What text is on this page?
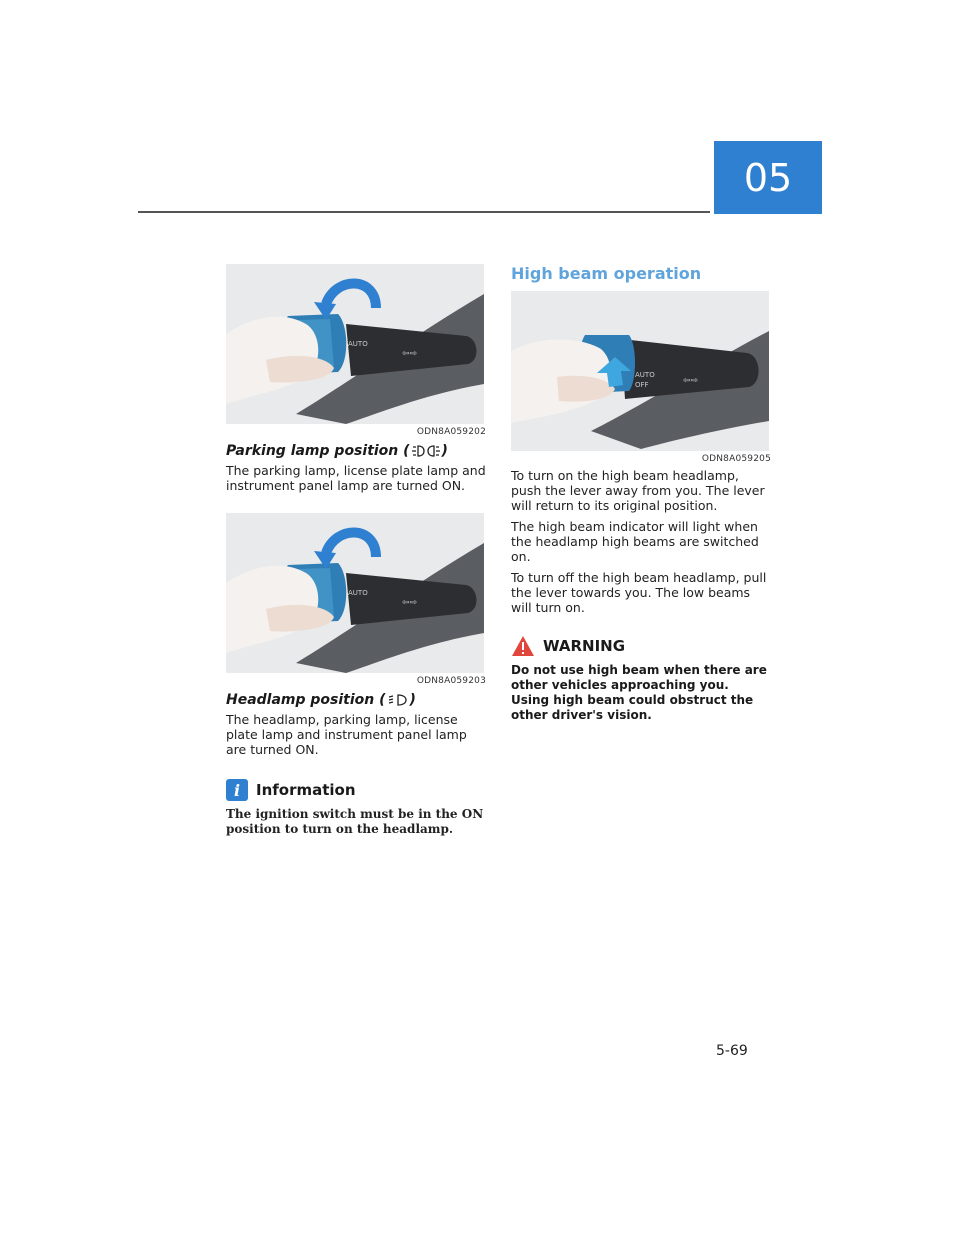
05
AUTO
⇦⇨
ODN8A059202
Parking lamp position ( )

The parking lamp, license plate lamp and instrument panel lamp are turned ON.

AUTO
⇦⇨
ODN8A059203
Headlamp position ( )

The headlamp, parking lamp, license plate lamp and instrument panel lamp are turned ON.

i	Information

The ignition switch must be in the ON position to turn on the headlamp.

High beam operation
AUTO
OFF	⇦⇨
ODN8A059205

To turn on the high beam headlamp, push the lever away from you. The lever will return to its original position.

The high beam indicator will light when the headlamp high beams are switched on.

To turn off the high beam headlamp, pull the lever towards you. The low beams will turn on.

WARNING

Do not use high beam when there are other vehicles approaching you. Using high beam could obstruct the other driver's vision.

5-69
